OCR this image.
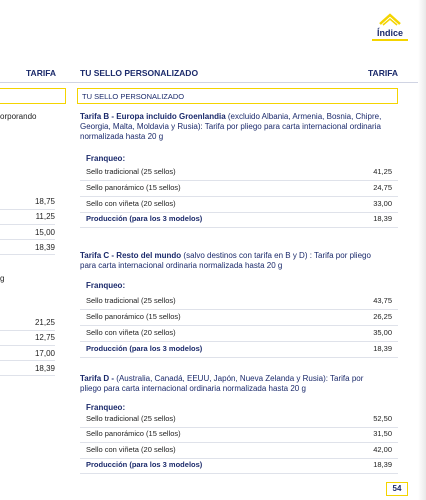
Índice
TARIFA	TU SELLO PERSONALIZADO	TARIFA
orporando
18,75
11,25
15,00
18,39
g
21,25
12,75
17,00
18,39
TU SELLO PERSONALIZADO
Tarifa B - Europa incluido Groenlandia (excluido Albania, Armenia, Bosnia, Chipre, Georgia, Malta, Moldavia y Rusia): Tarifa por pliego para carta internacional ordinaria normalizada hasta 20 g
Franqueo:
Sello tradicional (25 sellos)	41,25
Sello panorámico (15 sellos)	24,75
Sello con viñeta (20 sellos)	33,00
Producción (para los 3 modelos)	18,39
Tarifa C - Resto del mundo (salvo destinos con tarifa en B y D) : Tarifa por pliego para carta internacional ordinaria normalizada hasta 20 g
Franqueo:
Sello tradicional (25 sellos)	43,75
Sello panorámico (15 sellos)	26,25
Sello con viñeta (20 sellos)	35,00
Producción (para los 3 modelos)	18,39
Tarifa D - (Australia, Canadá, EEUU, Japón, Nueva Zelanda y Rusia): Tarifa por pliego para carta internacional ordinaria normalizada hasta 20 g
Franqueo:
Sello tradicional (25 sellos)	52,50
Sello panorámico (15 sellos)	31,50
Sello con viñeta (20 sellos)	42,00
Producción (para los 3 modelos)	18,39
54
